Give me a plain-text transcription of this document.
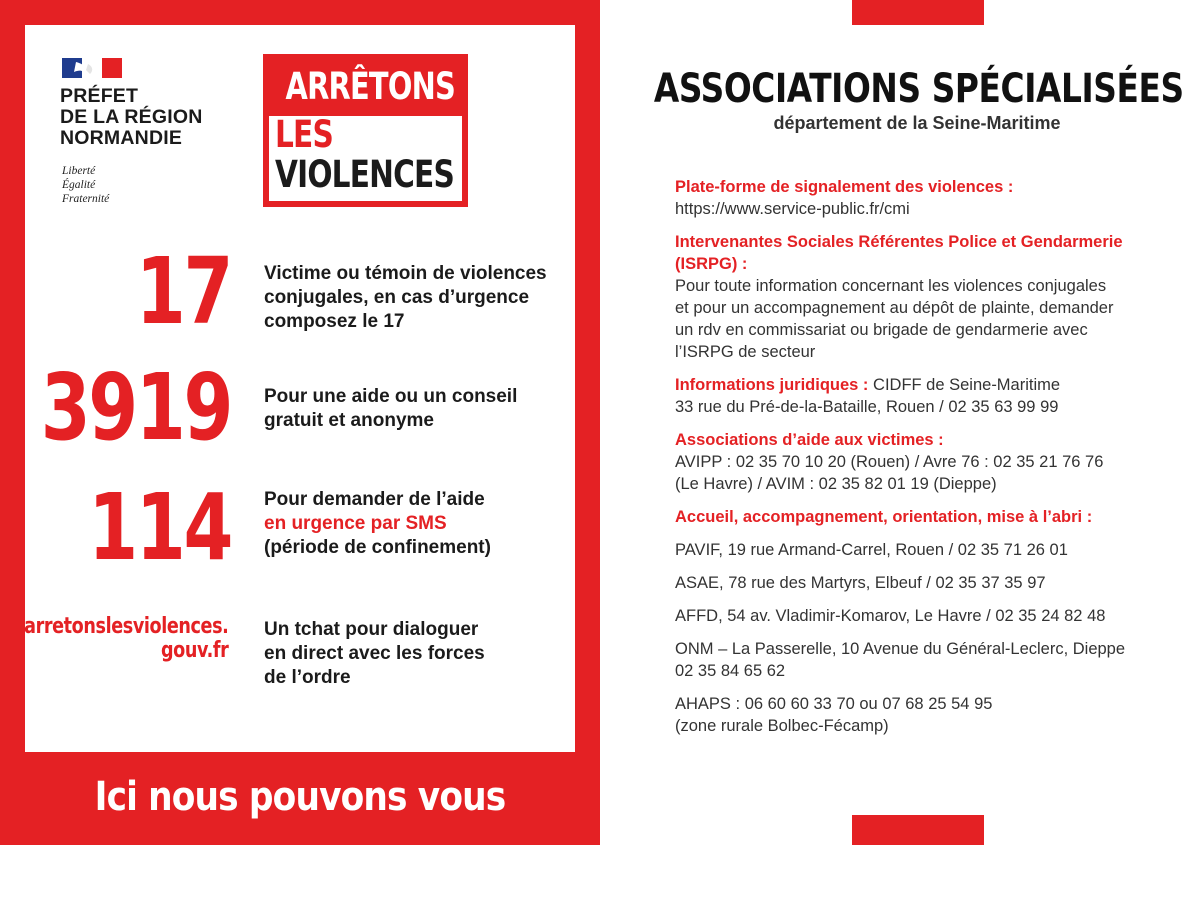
Ici nous pouvons vous aider
PRÉFET
DE LA RÉGION
NORMANDIE
Liberté
Égalité
Fraternité
ARRÊTONS
LES
VIOLENCES
17 Victime ou témoin de violences
conjugales, en cas d’urgence
composez le 17
3919 Pour une aide ou un conseil
gratuit et anonyme
114 Pour demander de l’aide
en urgence par SMS
(période de confinement)
arretonslesviolences.
gouv.fr
Un tchat pour dialoguer
en direct avec les forces
de l’ordre
ASSOCIATIONS SPÉCIALISÉES
département de la Seine-Maritime
Plate-forme de signalement des violences :
https://www.service-public.fr/cmi
Intervenantes Sociales Référentes Police et Gendarmerie
(ISRPG) :
Pour toute information concernant les violences conjugales
et pour un accompagnement au dépôt de plainte, demander
un rdv en commissariat ou brigade de gendarmerie avec
l’ISRPG de secteur
Informations juridiques : CIDFF de Seine-Maritime
33 rue du Pré-de-la-Bataille, Rouen / 02 35 63 99 99
Associations d’aide aux victimes :
AVIPP : 02 35 70 10 20 (Rouen) / Avre 76 : 02 35 21 76 76
(Le Havre) / AVIM : 02 35 82 01 19 (Dieppe)
Accueil, accompagnement, orientation, mise à l’abri :
PAVIF, 19 rue Armand-Carrel, Rouen / 02 35 71 26 01
ASAE, 78 rue des Martyrs, Elbeuf / 02 35 37 35 97
AFFD, 54 av. Vladimir-Komarov, Le Havre / 02 35 24 82 48
ONM – La Passerelle, 10 Avenue du Général-Leclerc, Dieppe
02 35 84 65 62
AHAPS : 06 60 60 33 70 ou 07 68 25 54 95
(zone rurale Bolbec-Fécamp)
